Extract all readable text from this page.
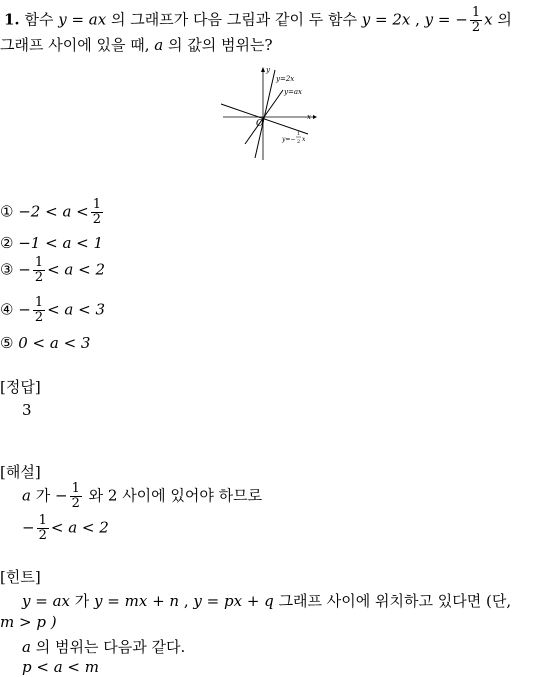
1. 함수 y = ax 의 그래프가 다음 그림과 같이 두 함수 y = 2x , y = − $\frac{1}{2}$ x 의
그래프 사이에 있을 때, a 의 값의 범위는?
y=2x
y=ax
y
x
O
y=−
1
2 x
① $-2 < a < \frac{1}{2}$
② −1 < a < 1
③ − $\frac{1}{2} < a < 2$
④ − $\frac{1}{2} < a < 3$
⑤ 0 < a < 3
[정답]
3
[해설]
a 가 − $\frac{1}{2}$ 와 2 사이에 있어야 하므로
− $\frac{1}{2} < a < 2$
[힌트]
y = ax 가 y = mx + n , y = px + q 그래프 사이에 위치하고 있다면 (단,
m > p )
a 의 범위는 다음과 같다.
p < a < m
